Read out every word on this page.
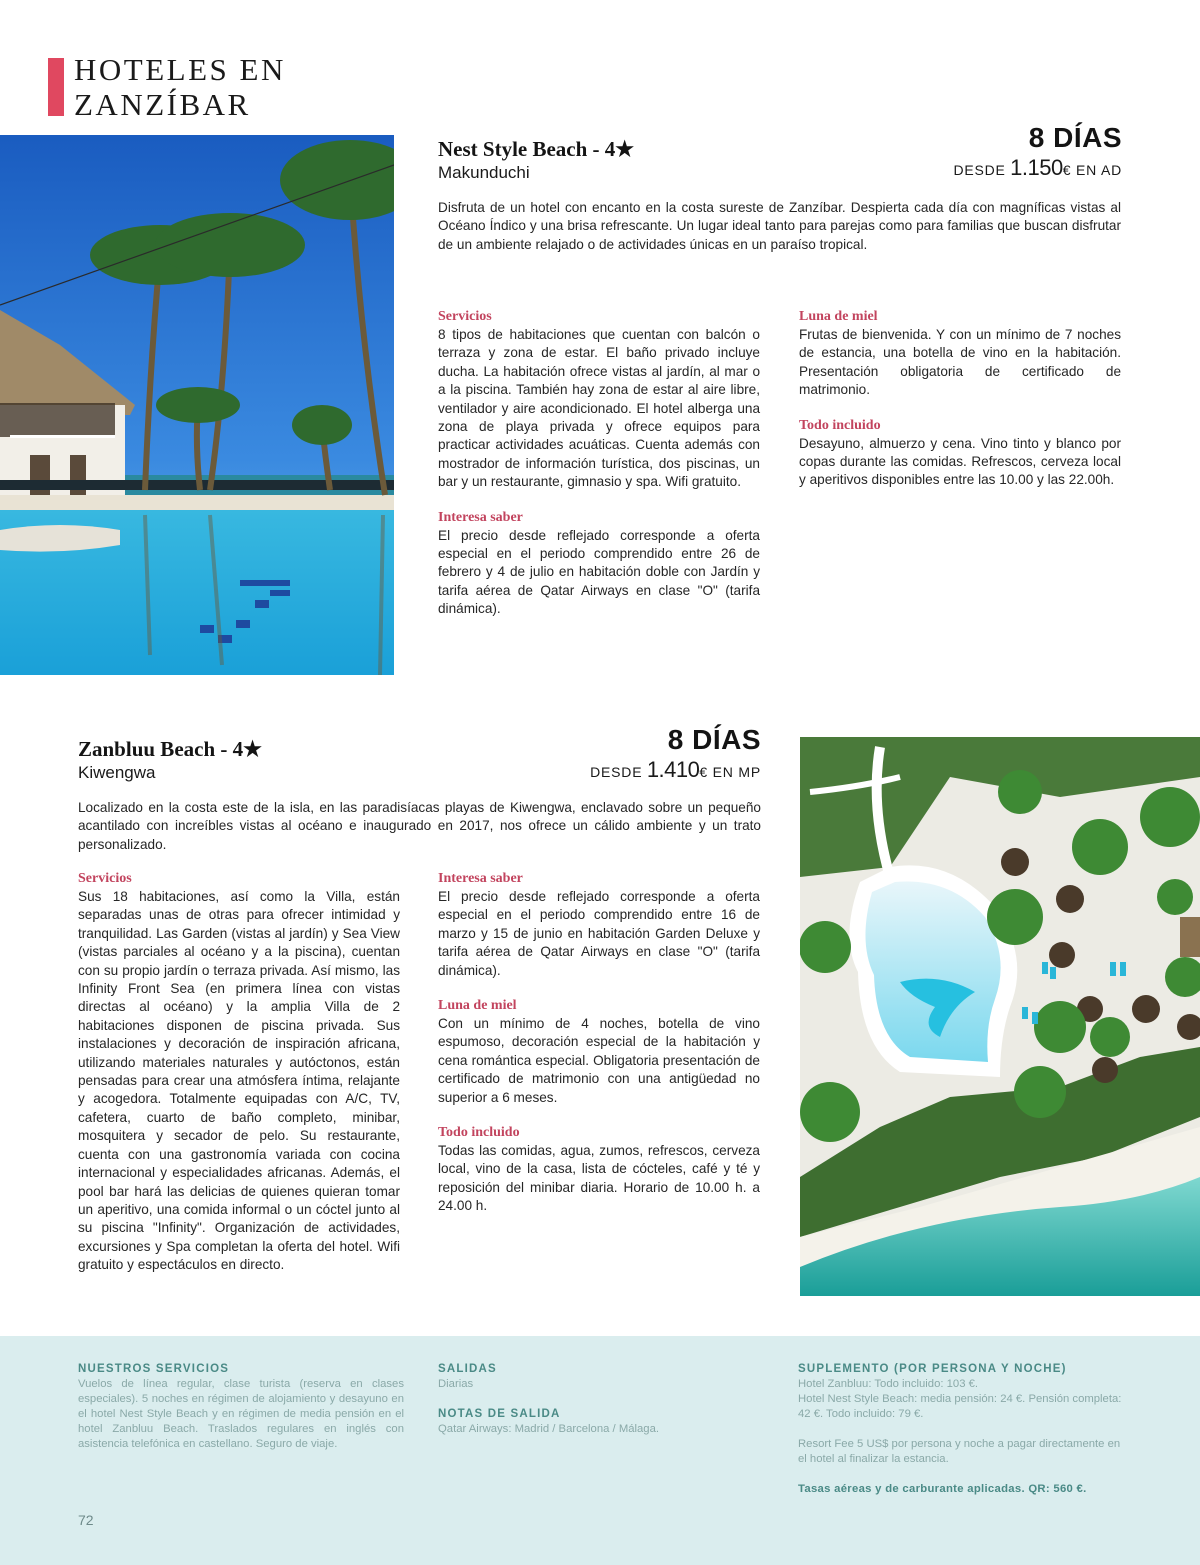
HOTELES EN
ZANZÍBAR
Nest Style Beach - 4★
Makunduchi
8 DÍAS
DESDE 1.150€ EN AD
Disfruta de un hotel con encanto en la costa sureste de Zanzíbar. Despierta cada día con magníficas vistas al Océano Índico y una brisa refrescante. Un lugar ideal tanto para parejas como para familias que buscan disfrutar de un ambiente relajado o de actividades únicas en un paraíso tropical.
Servicios
8 tipos de habitaciones que cuentan con balcón o terraza y zona de estar. El baño privado incluye ducha. La habitación ofrece vistas al jardín, al mar o a la piscina. También hay zona de estar al aire libre, ventilador y aire acondicionado. El hotel alberga una zona de playa privada y ofrece equipos para practicar actividades acuáticas. Cuenta además con mostrador de información turística, dos piscinas, un bar y un restaurante, gimnasio y spa. Wifi gratuito.
Interesa saber
El precio desde reflejado corresponde a oferta especial en el periodo comprendido entre 26 de febrero y 4 de julio en habitación doble con Jardín y tarifa aérea de Qatar Airways en clase "O" (tarifa dinámica).
Luna de miel
Frutas de bienvenida. Y con un mínimo de 7 noches de estancia, una botella de vino en la habitación. Presentación obligatoria de certificado de matrimonio.
Todo incluido
Desayuno, almuerzo y cena. Vino tinto y blanco por copas durante las comidas. Refrescos, cerveza local y aperitivos disponibles entre las 10.00 y las 22.00h.
Zanbluu Beach - 4★
Kiwengwa
8 DÍAS
DESDE 1.410€ EN MP
Localizado en la costa este de la isla, en las paradisíacas playas de Kiwengwa, enclavado sobre un pequeño acantilado con increíbles vistas al océano e inaugurado en 2017, nos ofrece un cálido ambiente y un trato personalizado.
Servicios
Sus 18 habitaciones, así como la Villa, están separadas unas de otras para ofrecer intimidad y tranquilidad. Las Garden (vistas al jardín) y Sea View (vistas parciales al océano y a la piscina), cuentan con su propio jardín o terraza privada. Así mismo, las Infinity Front Sea (en primera línea con vistas directas al océano) y la amplia Villa de 2 habitaciones disponen de piscina privada. Sus instalaciones y decoración de inspiración africana, utilizando materiales naturales y autóctonos, están pensadas para crear una atmósfera íntima, relajante y acogedora. Totalmente equipadas con A/C, TV, cafetera, cuarto de baño completo, minibar, mosquitera y secador de pelo. Su restaurante, cuenta con una gastronomía variada con cocina internacional y especialidades africanas. Además, el pool bar hará las delicias de quienes quieran tomar un aperitivo, una comida informal o un cóctel junto al su piscina "Infinity". Organización de actividades, excursiones y Spa completan la oferta del hotel. Wifi gratuito y espectáculos en directo.
Interesa saber
El precio desde reflejado corresponde a oferta especial en el periodo comprendido entre 16 de marzo y 15 de junio en habitación Garden Deluxe y tarifa aérea de Qatar Airways en clase "O" (tarifa dinámica).
Luna de miel
Con un mínimo de 4 noches, botella de vino espumoso, decoración especial de la habitación y cena romántica especial. Obligatoria presentación de certificado de matrimonio con una antigüedad no superior a 6 meses.
Todo incluido
Todas las comidas, agua, zumos, refrescos, cerveza local, vino de la casa, lista de cócteles, café y té y reposición del minibar diaria. Horario de 10.00 h. a 24.00 h.
NUESTROS SERVICIOS
Vuelos de línea regular, clase turista (reserva en clases especiales). 5 noches en régimen de alojamiento y desayuno en el hotel Nest Style Beach y en régimen de media pensión en el hotel Zanbluu Beach. Traslados regulares en inglés con asistencia telefónica en castellano. Seguro de viaje.
SALIDAS
Diarias
NOTAS DE SALIDA
Qatar Airways: Madrid / Barcelona / Málaga.
SUPLEMENTO (POR PERSONA Y NOCHE)
Hotel Zanbluu: Todo incluido: 103 €.
Hotel Nest Style Beach: media pensión: 24 €. Pensión completa: 42 €. Todo incluido: 79 €.
Resort Fee 5 US$ por persona y noche a pagar directamente en el hotel al finalizar la estancia.
Tasas aéreas y de carburante aplicadas. QR: 560 €.
72
